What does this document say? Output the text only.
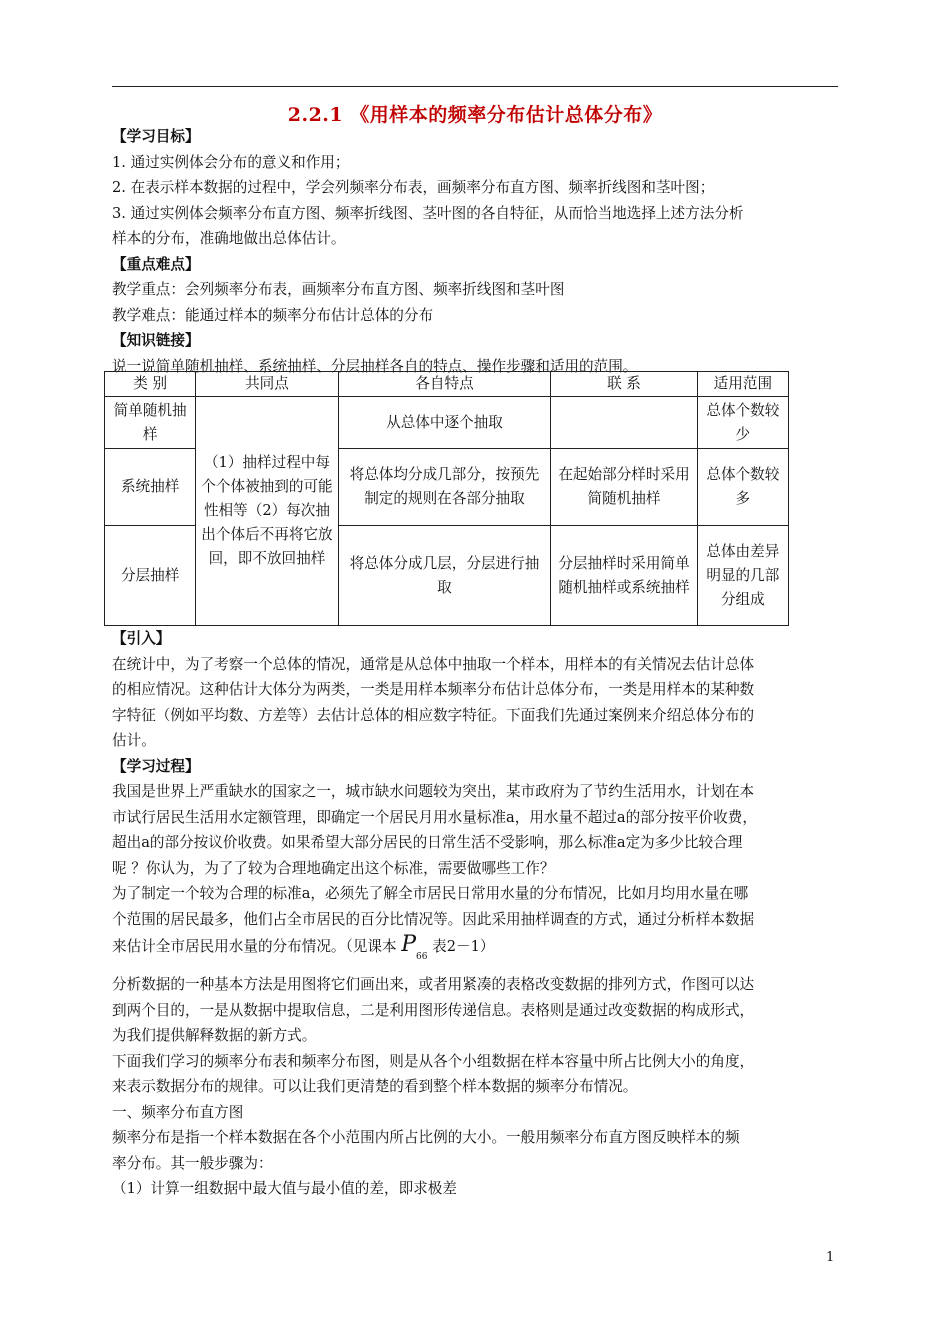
2.2.1 《用样本的频率分布估计总体分布》
【学习目标】
1. 通过实例体会分布的意义和作用；
2. 在表示样本数据的过程中，学会列频率分布表，画频率分布直方图、频率折线图和茎叶图；
3. 通过实例体会频率分布直方图、频率折线图、茎叶图的各自特征，从而恰当地选择上述方法分析
样本的分布，准确地做出总体估计。
【重点难点】
教学重点：会列频率分布表，画频率分布直方图、频率折线图和茎叶图
教学难点：能通过样本的频率分布估计总体的分布
【知识链接】
说一说简单随机抽样、系统抽样、分层抽样各自的特点、操作步骤和适用的范围。
类 别	共同点	各自特点	联 系	适用范围
简单随机抽样	（1）抽样过程中每个个体被抽到的可能性相等（2）每次抽出个体后不再将它放回，即不放回抽样	从总体中逐个抽取		总体个数较少
系统抽样		将总体均分成几部分，按预先制定的规则在各部分抽取	在起始部分样时采用简随机抽样	总体个数较多
分层抽样		将总体分成几层，分层进行抽取	分层抽样时采用简单随机抽样或系统抽样	总体由差异明显的几部分组成
【引入】
在统计中，为了考察一个总体的情况，通常是从总体中抽取一个样本，用样本的有关情况去估计总体
的相应情况。这种估计大体分为两类，一类是用样本频率分布估计总体分布，一类是用样本的某种数
字特征（例如平均数、方差等）去估计总体的相应数字特征。下面我们先通过案例来介绍总体分布的
估计。
【学习过程】
我国是世界上严重缺水的国家之一，城市缺水问题较为突出，某市政府为了节约生活用水，计划在本
市试行居民生活用水定额管理，即确定一个居民月用水量标准a，用水量不超过a的部分按平价收费，
超出a的部分按议价收费。如果希望大部分居民的日常生活不受影响，那么标准a定为多少比较合理
呢 ？你认为，为了了较为合理地确定出这个标准，需要做哪些工作？
为了制定一个较为合理的标准a，必须先了解全市居民日常用水量的分布情况，比如月均用水量在哪
个范围的居民最多，他们占全市居民的百分比情况等。因此采用抽样调查的方式，通过分析样本数据
来估计全市居民用水量的分布情况。（见课本 $P_{66}$ 表2－1）
分析数据的一种基本方法是用图将它们画出来，或者用紧凑的表格改变数据的排列方式，作图可以达
到两个目的，一是从数据中提取信息，二是利用图形传递信息。表格则是通过改变数据的构成形式，
为我们提供解释数据的新方式。
下面我们学习的频率分布表和频率分布图，则是从各个小组数据在样本容量中所占比例大小的角度，
来表示数据分布的规律。可以让我们更清楚的看到整个样本数据的频率分布情况。
一、频率分布直方图
频率分布是指一个样本数据在各个小范围内所占比例的大小。一般用频率分布直方图反映样本的频
率分布。其一般步骤为：
（1）计算一组数据中最大值与最小值的差，即求极差
1
